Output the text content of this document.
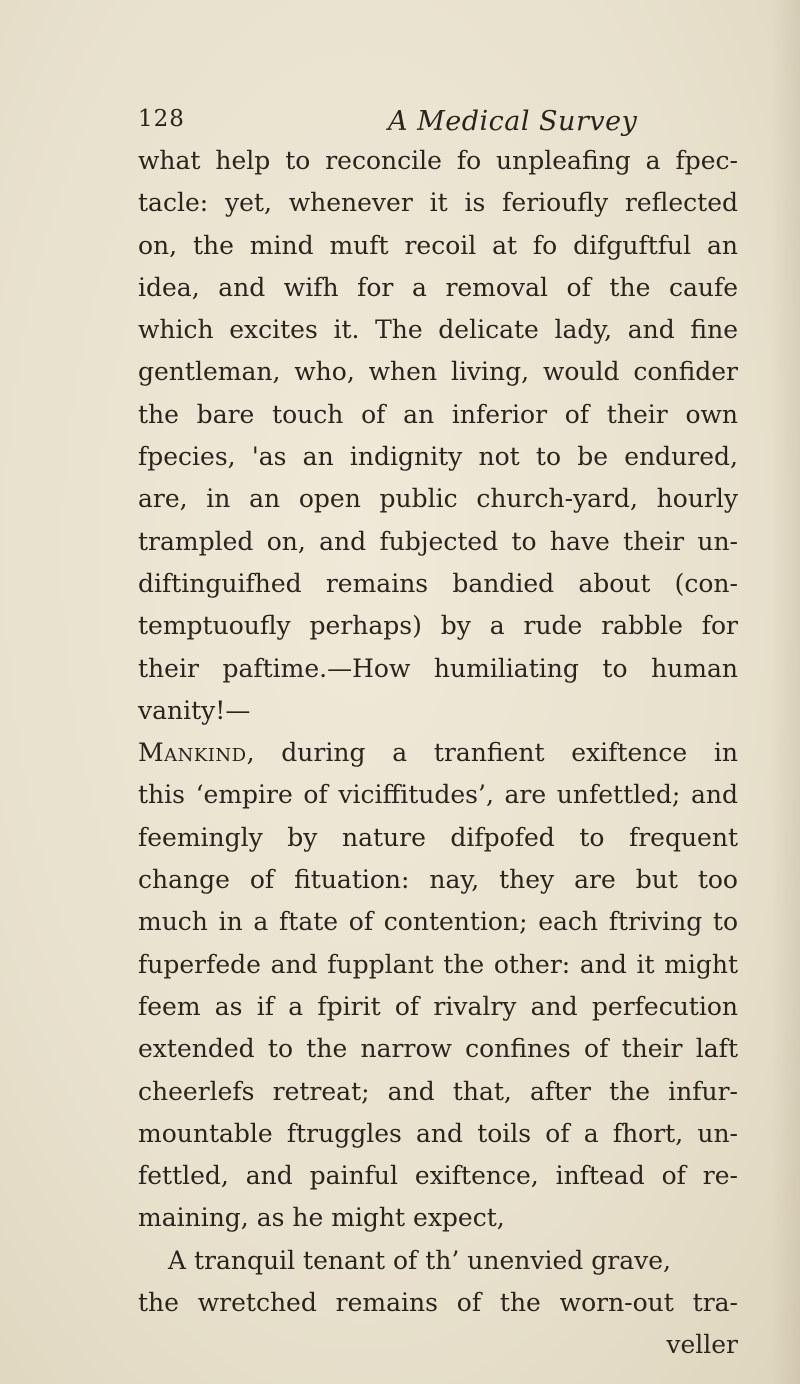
128	A Medical Survey
what help to reconcile fo unpleafing a fpec-
tacle: yet, whenever it is ferioufly reflected
on, the mind muft recoil at fo difguftful an
idea, and wifh for a removal of the caufe
which excites it. The delicate lady, and fine
gentleman, who, when living, would confider
the bare touch of an inferior of their own
fpecies, 'as an indignity not to be endured,
are, in an open public church-yard, hourly
trampled on, and fubjected to have their un-
diftinguifhed remains bandied about (con-
temptuoufly perhaps) by a rude rabble for
their paftime.—How humiliating to human
vanity!—
Mankind, during a tranfient exiftence in
this ‘empire of viciffitudes’, are unfettled; and
feemingly by nature difpofed to frequent
change of fituation: nay, they are but too
much in a ftate of contention; each ftriving to
fuperfede and fupplant the other: and it might
feem as if a fpirit of rivalry and perfecution
extended to the narrow confines of their laft
cheerlefs retreat; and that, after the infur-
mountable ftruggles and toils of a fhort, un-
fettled, and painful exiftence, inftead of re-
maining, as he might expect,
A tranquil tenant of th’ unenvied grave,
the wretched remains of the worn-out tra-
veller
